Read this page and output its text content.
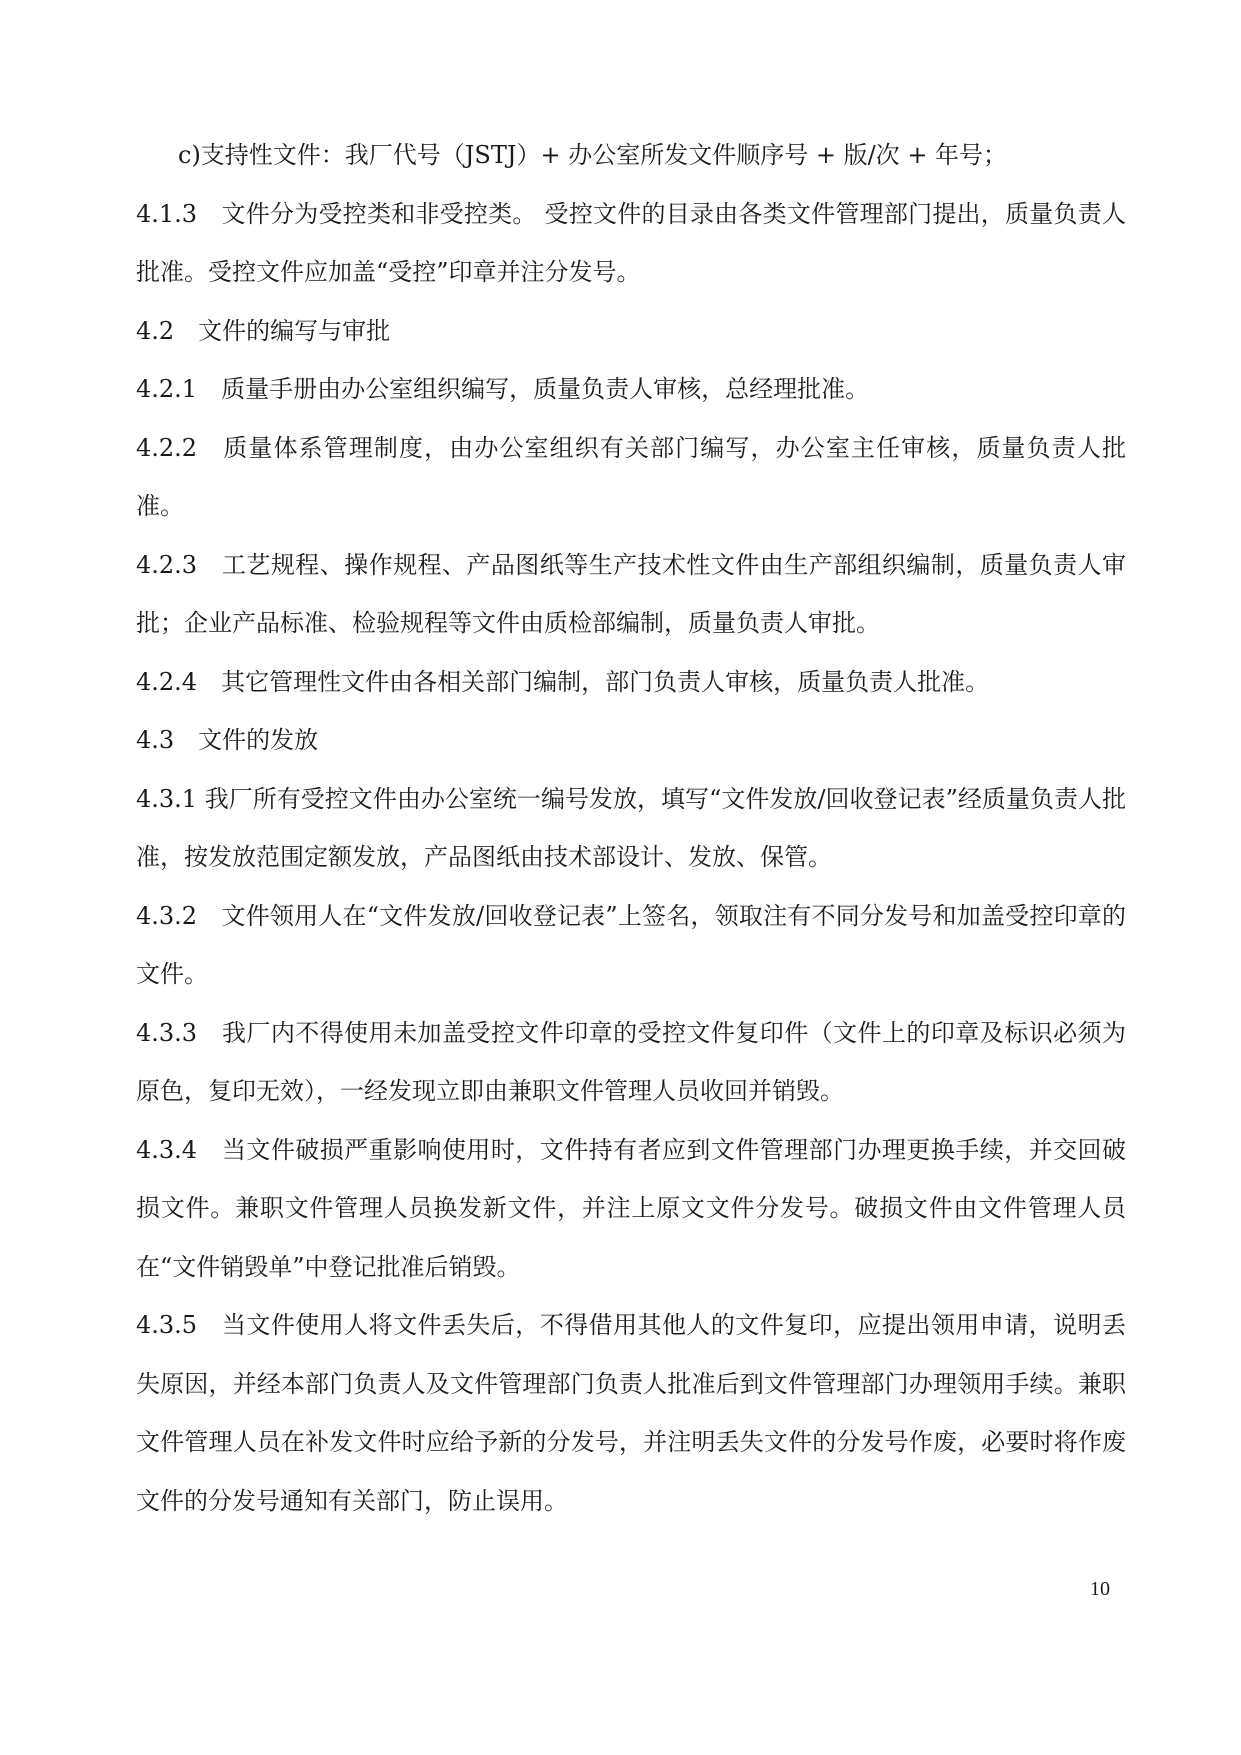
c)支持性文件：我厂代号（JSTJ）+ 办公室所发文件顺序号 + 版/次 + 年号；

4.1.3　文件分为受控类和非受控类。 受控文件的目录由各类文件管理部门提出，质量负责人批准。受控文件应加盖“受控”印章并注分发号。

4.2　文件的编写与审批

4.2.1　质量手册由办公室组织编写，质量负责人审核，总经理批准。

4.2.2　质量体系管理制度，由办公室组织有关部门编写，办公室主任审核，质量负责人批准。

4.2.3　工艺规程、操作规程、产品图纸等生产技术性文件由生产部组织编制，质量负责人审批；企业产品标准、检验规程等文件由质检部编制，质量负责人审批。

4.2.4　其它管理性文件由各相关部门编制，部门负责人审核，质量负责人批准。

4.3　文件的发放

4.3.1 我厂所有受控文件由办公室统一编号发放，填写“文件发放/回收登记表”经质量负责人批准，按发放范围定额发放，产品图纸由技术部设计、发放、保管。

4.3.2　文件领用人在“文件发放/回收登记表”上签名，领取注有不同分发号和加盖受控印章的文件。

4.3.3　我厂内不得使用未加盖受控文件印章的受控文件复印件（文件上的印章及标识必须为原色，复印无效），一经发现立即由兼职文件管理人员收回并销毁。

4.3.4　当文件破损严重影响使用时，文件持有者应到文件管理部门办理更换手续，并交回破损文件。兼职文件管理人员换发新文件，并注上原文文件分发号。破损文件由文件管理人员在“文件销毁单”中登记批准后销毁。

4.3.5　当文件使用人将文件丢失后，不得借用其他人的文件复印，应提出领用申请，说明丢失原因，并经本部门负责人及文件管理部门负责人批准后到文件管理部门办理领用手续。兼职文件管理人员在补发文件时应给予新的分发号，并注明丢失文件的分发号作废，必要时将作废文件的分发号通知有关部门，防止误用。

10
